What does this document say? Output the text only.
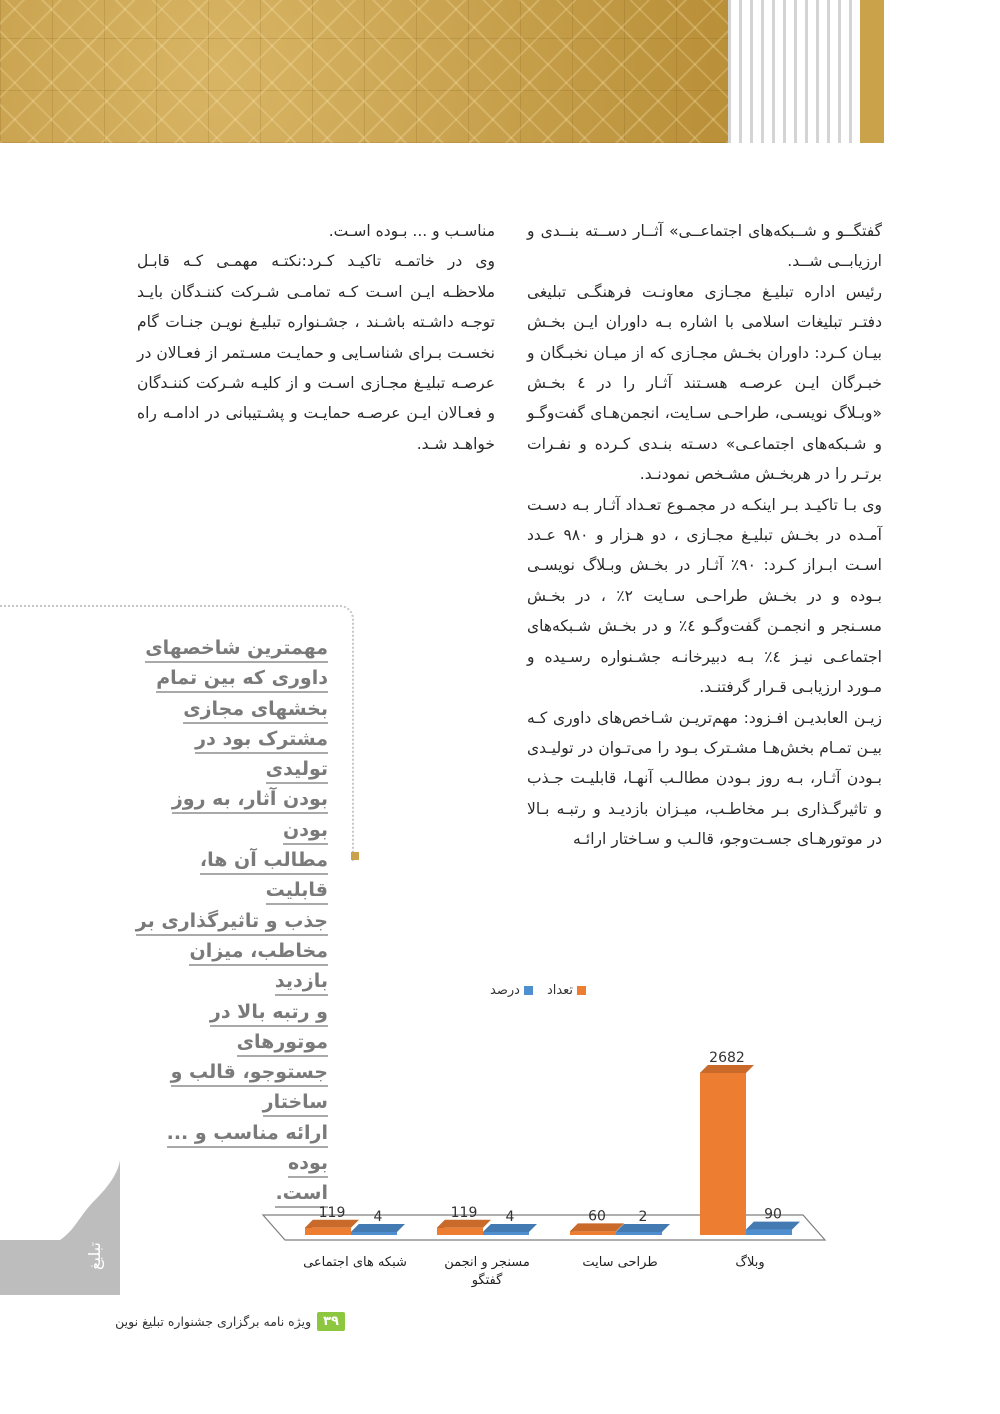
گفتگــو و شــبکه‌های اجتماعــی» آثــار دســته بنــدی و ارزیابــی شــد.

رئیس اداره تبلیـغ مجـازی معاونـت فرهنگـی تبلیغی دفتـر تبلیغات اسلامی با اشاره بـه داوران ایـن بخـش بیـان کـرد: داوران بخـش مجـازی که از میـان نخبـگان و خبـرگان ایـن عرصـه هسـتند آثـار را در ٤ بخـش «وبـلاگ نویسـی، طراحـی سـایت، انجمن‌هـای گفت‌وگـو و شـبکه‌های اجتماعـی» دسـته بنـدی کـرده و نفـرات برتـر را در هربخـش مشـخص نمودنـد.

وی بـا تاکیـد بـر اینکـه در مجمـوع تعـداد آثـار بـه دسـت آمـده در بخـش تبلیـغ مجـازی ، دو هـزار و ٩٨٠ عـدد اسـت ابـراز کـرد: ٩٠٪ آثـار در بخـش وبـلاگ نویسـی بـوده و در بخـش طراحـی سـایت ٢٪ ، در بخـش مسـنجر و انجمـن گفت‌وگـو ٤٪ و در بخـش شـبکه‌های اجتماعـی نیـز ٤٪ بـه دبیرخانـه جشـنواره رسـیده و مـورد ارزیابـی قـرار گرفتنـد.

زیـن العابدیـن افـزود: مهم‌تریـن شـاخص‌های داوری کـه بیـن تمـام بخش‌هـا مشـترک بـود را می‌تـوان در تولیـدی بـودن آثـار، بـه روز بـودن مطالـب آنهـا، قابلیـت جـذب و تاثیرگـذاری بـر مخاطـب، میـزان بازدیـد و رتبـه بـالا در موتورهـای جسـت‌وجو، قالـب و سـاختار ارائـه

مناسـب و ... بـوده اسـت.

وی در خاتمـه تاکیـد کـرد:نکتـه مهمـی کـه قابـل ملاحظـه ایـن اسـت کـه تمامـی شـرکت کننـدگان بایـد توجـه داشـته باشـند ، جشـنواره تبلیـغ نویـن جنـات گام نخسـت بـرای شناسـایی و حمایـت مسـتمر از فعـالان در عرصـه تبلیـغ مجـازی اسـت و از کلیـه شـرکت کننـدگان و فعـالان ایـن عرصـه حمایـت و پشـتیبانی در ادامـه راه خواهـد شـد.

مهمترین شاخصهای
داوری که بین تمام
بخشهای مجازی
مشترک بود در تولیدی
بودن آثار، به روز بودن
مطالب آن ها، قابلیت
جذب و تاثیرگذاری بر
مخاطب، میزان بازدید
و رتبه بالا در موتورهای
جستوجو، قالب و ساختار
ارائه مناسب و ... بوده
است.
تعداد
درصد
2682
90
وبلاگ
60 2
طراحی سایت
119 4
مسنجر و انجمن
گفتگو
119 4
شبکه های اجتماعی
تبلیغ
۳۹
ویژه نامه برگزاری جشنواره تبلیغ نوین
